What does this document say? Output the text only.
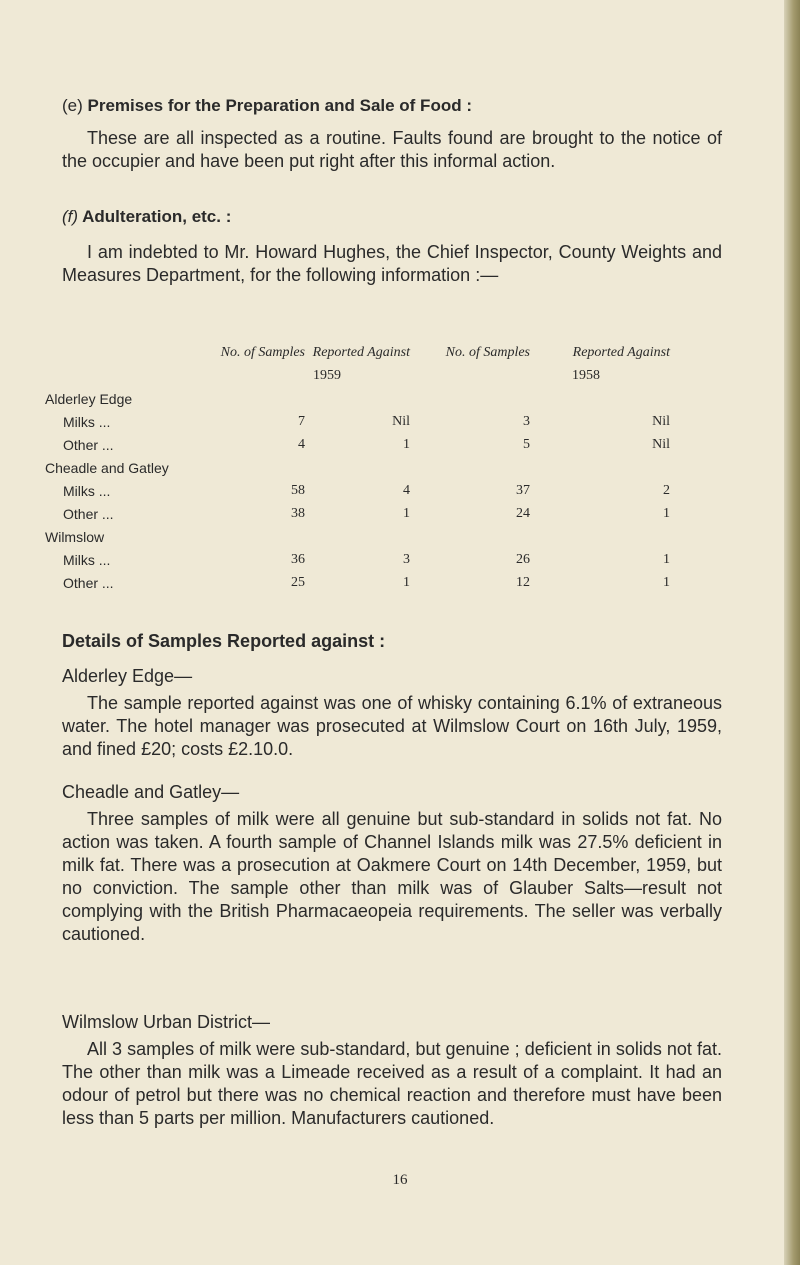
(e) Premises for the Preparation and Sale of Food :
These are all inspected as a routine. Faults found are brought to the notice of the occupier and have been put right after this informal action.
(f) Adulteration, etc. :
I am indebted to Mr. Howard Hughes, the Chief Inspector, County Weights and Measures Department, for the following information :—
	No. of Samples	Reported Against	No. of Samples	Reported Against
		1959		1958
Alderley Edge				
Milks ...	7	Nil	3	Nil
Other ...	4	1	5	Nil
Cheadle and Gatley				
Milks ...	58	4	37	2
Other ...	38	1	24	1
Wilmslow				
Milks ...	36	3	26	1
Other ...	25	1	12	1
Details of Samples Reported against :
Alderley Edge—
The sample reported against was one of whisky containing 6.1% of extraneous water. The hotel manager was prosecuted at Wilmslow Court on 16th July, 1959, and fined £20; costs £2.10.0.
Cheadle and Gatley—
Three samples of milk were all genuine but sub-standard in solids not fat. No action was taken. A fourth sample of Channel Islands milk was 27.5% deficient in milk fat. There was a prosecution at Oakmere Court on 14th December, 1959, but no conviction. The sample other than milk was of Glauber Salts—result not complying with the British Pharmacaeopeia requirements. The seller was verbally cautioned.
Wilmslow Urban District—
All 3 samples of milk were sub-standard, but genuine ; deficient in solids not fat. The other than milk was a Limeade received as a result of a complaint. It had an odour of petrol but there was no chemical reaction and therefore must have been less than 5 parts per million. Manufacturers cautioned.
16
